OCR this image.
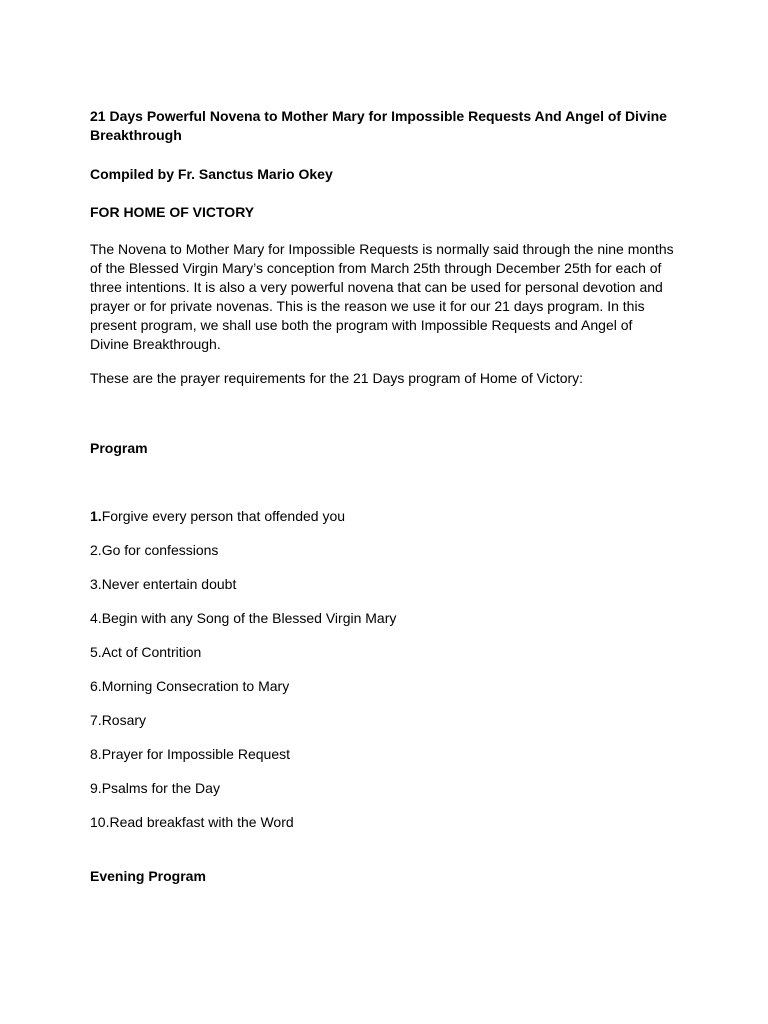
21 Days Powerful Novena to Mother Mary for Impossible Requests And Angel of Divine Breakthrough

Compiled by Fr. Sanctus Mario Okey

FOR HOME OF VICTORY

The Novena to Mother Mary for Impossible Requests is normally said through the nine months of the Blessed Virgin Mary’s conception from March 25th through December 25th for each of three intentions. It is also a very powerful novena that can be used for personal devotion and prayer or for private novenas. This is the reason we use it for our 21 days program. In this present program, we shall use both the program with Impossible Requests and Angel of Divine Breakthrough.

These are the prayer requirements for the 21 Days program of Home of Victory:

Program

1.Forgive every person that offended you
2.Go for confessions
3.Never entertain doubt
4.Begin with any Song of the Blessed Virgin Mary
5.Act of Contrition
6.Morning Consecration to Mary
7.Rosary
8.Prayer for Impossible Request
9.Psalms for the Day
10.Read breakfast with the Word

Evening Program
